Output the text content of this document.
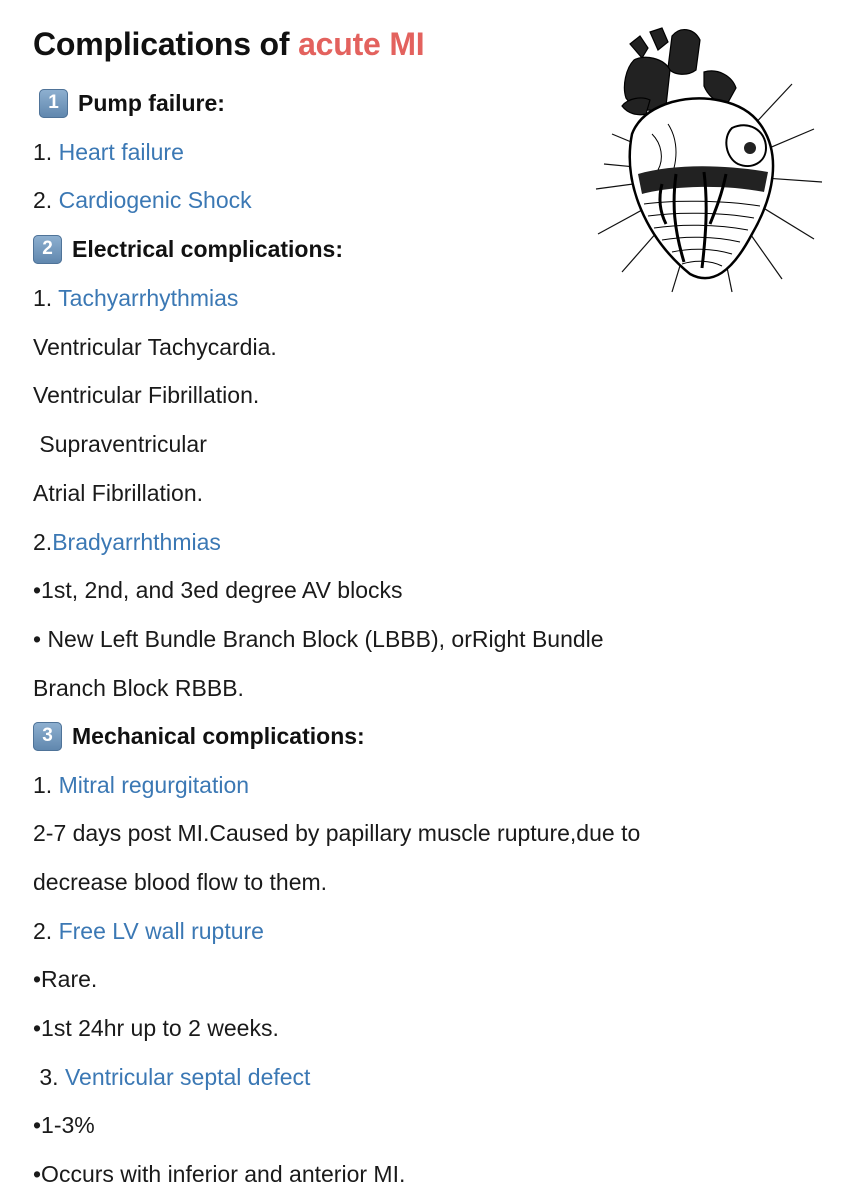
Complications of acute MI
1 Pump failure:
1. Heart failure
2. Cardiogenic Shock
2 Electrical complications:
1. Tachyarrhythmias
Ventricular Tachycardia.
Ventricular Fibrillation.
Supraventricular
Atrial Fibrillation.
2.Bradyarrhthmias
•1st, 2nd, and 3ed degree AV blocks
• New Left Bundle Branch Block (LBBB), orRight Bundle
Branch Block RBBB.
3 Mechanical complications:
1. Mitral regurgitation
2-7 days post MI.Caused by papillary muscle rupture,due to
decrease blood flow to them.
2. Free LV wall rupture
•Rare.
•1st 24hr up to 2 weeks.
3. Ventricular septal defect
•1-3%
•Occurs with inferior and anterior MI.
